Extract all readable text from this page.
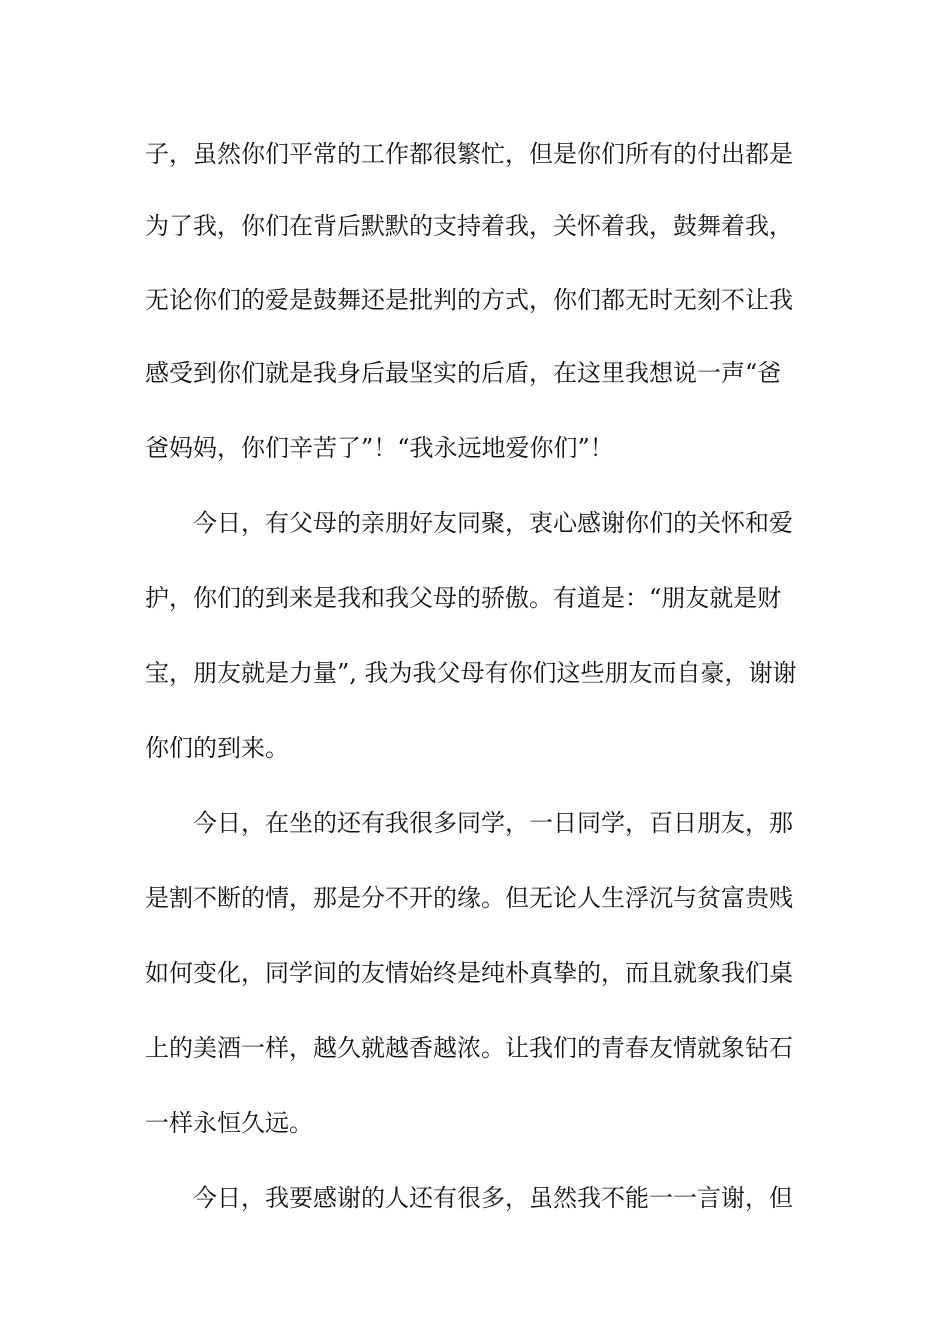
子，虽然你们平常的工作都很繁忙，但是你们所有的付出都是
为了我，你们在背后默默的支持着我，关怀着我，鼓舞着我，
无论你们的爱是鼓舞还是批判的方式，你们都无时无刻不让我
感受到你们就是我身后最坚实的后盾，在这里我想说一声“爸
爸妈妈，你们辛苦了”！“我永远地爱你们”！
今日，有父母的亲朋好友同聚，衷心感谢你们的关怀和爱
护，你们的到来是我和我父母的骄傲。有道是：“朋友就是财
宝，朋友就是力量”, 我为我父母有你们这些朋友而自豪，谢谢
你们的到来。
今日，在坐的还有我很多同学，一日同学，百日朋友，那
是割不断的情，那是分不开的缘。但无论人生浮沉与贫富贵贱
如何变化，同学间的友情始终是纯朴真挚的，而且就象我们桌
上的美酒一样，越久就越香越浓。让我们的青春友情就象钻石
一样永恒久远。
今日，我要感谢的人还有很多，虽然我不能一一言谢，但
